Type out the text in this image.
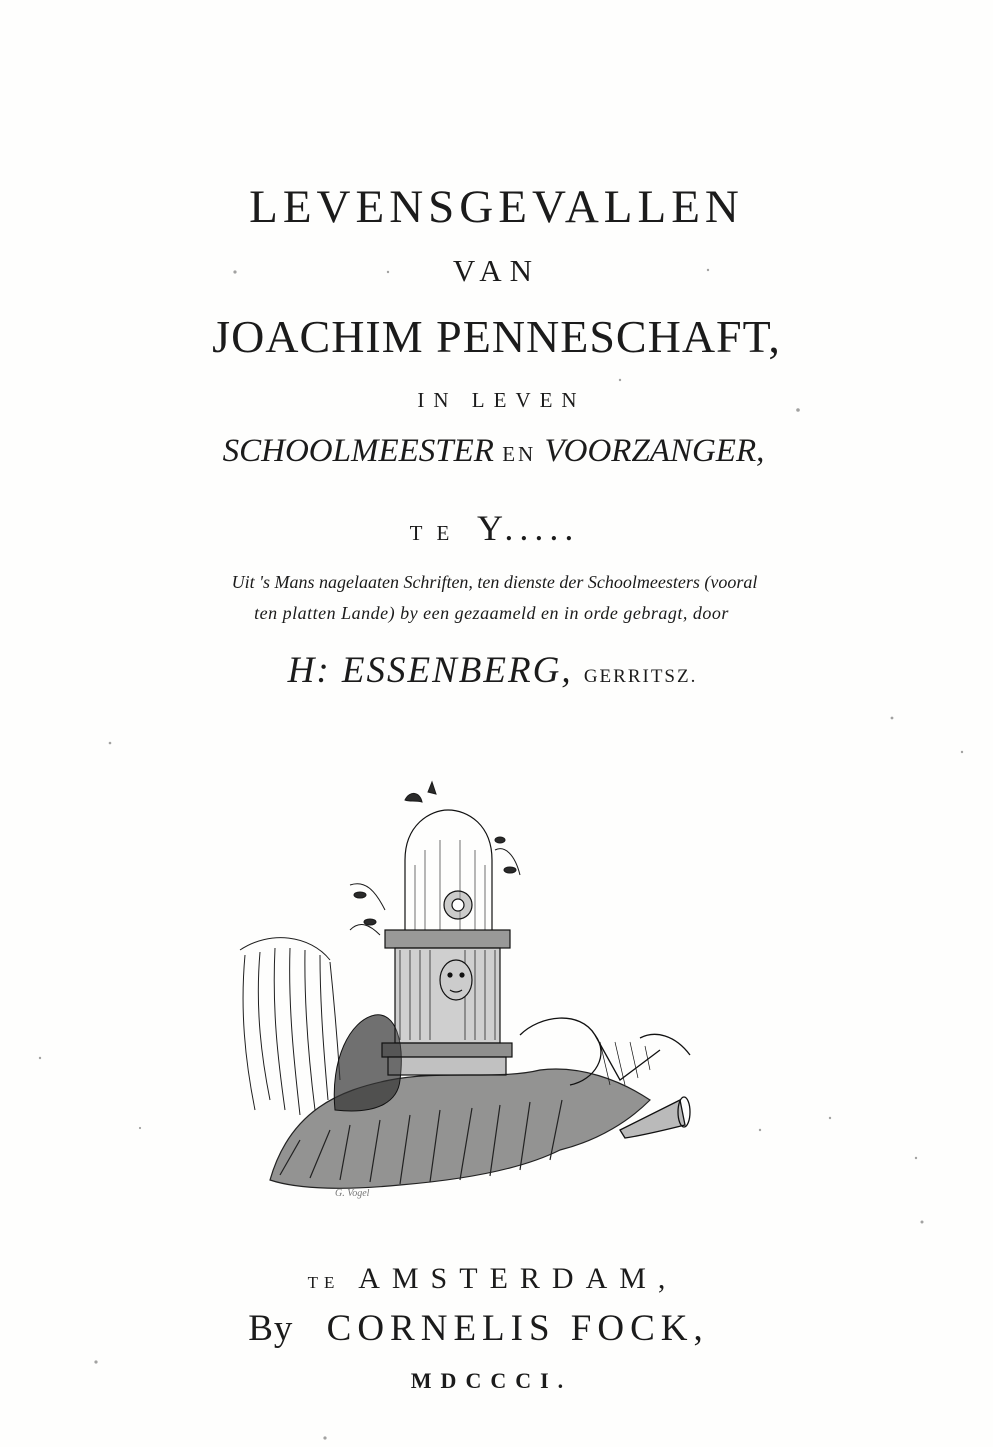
LEVENSGEVALLEN
VAN
JOACHIM PENNESCHAFT,
IN LEVEN
SCHOOLMEESTER EN VOORZANGER,
TE Y.....
Uit 's Mans nagelaaten Schriften, ten dienste der Schoolmeesters (vooral
ten platten Lande) by een gezaameld en in orde gebragt, door
H: ESSENBERG, GERRITSZ.
G. Vogel
TE AMSTERDAM,
By CORNELIS FOCK,
MDCCCI.
